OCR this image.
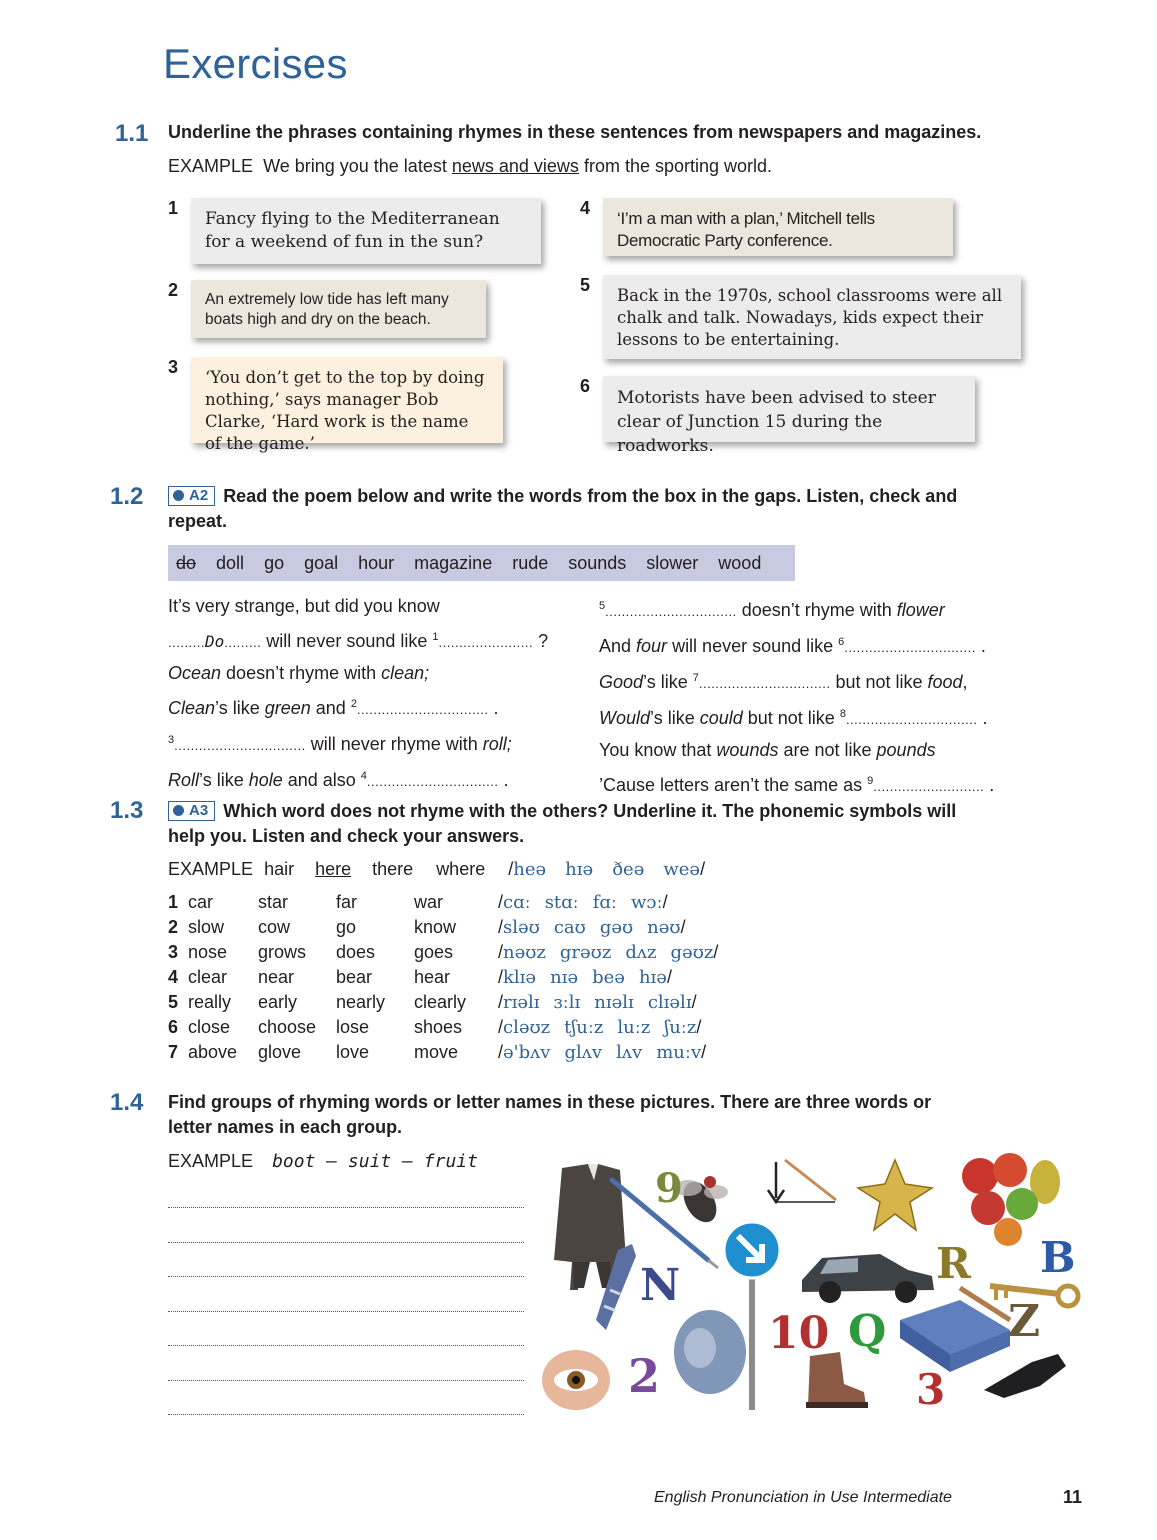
Exercises
1.1 Underline the phrases containing rhymes in these sentences from newspapers and magazines.
EXAMPLE We bring you the latest news and views from the sporting world.
1
Fancy flying to the Mediterranean for a weekend of fun in the sun?
2	An extremely low tide has left many boats high and dry on the beach.
3
‘You don’t get to the top by doing nothing,’ says manager Bob Clarke, ‘Hard work is the name of the game.’
4
‘I’m a man with a plan,’ Mitchell tells Democratic Party conference.
5
Back in the 1970s, school classrooms were all chalk and talk. Nowadays, kids expect their lessons to be entertaining.
6
Motorists have been advised to steer clear of Junction 15 during the roadworks.
1.2	A2 Read the poem below and write the words from the box in the gaps. Listen, check and repeat.
do doll go goal hour magazine rude sounds slower wood
It’s very strange, but did you know
.........Do......... will never sound like $^1$....................... ?
Ocean doesn’t rhyme with clean;
Clean’s like green and $^2$................................ .
$^3$................................ will never rhyme with roll;
Roll’s like hole and also $^4$................................ .
$^5$................................ doesn’t rhyme with flower
And four will never sound like $^6$................................ .
Good’s like $^7$................................ but not like food,
Would’s like could but not like $^8$................................ .
You know that wounds are not like pounds
’Cause letters aren’t the same as $^9$........................... .
1.3	A3 Which word does not rhyme with the others? Underline it. The phonemic symbols will help you. Listen and check your answers.
EXAMPLE hair here there where /heə hɪə ðeə weə/
1	car	star	far	war	/cɑː stɑː fɑː wɔː/
2	slow	cow	go	know	/sləʊ caʊ gəʊ nəʊ/
3	nose	grows	does	goes	/nəʊz grəʊz dʌz gəʊz/
4	clear	near	bear	hear	/klɪə nɪə beə hɪə/
5	really	early	nearly	clearly	/rɪəlɪ ɜːlɪ nɪəlɪ clɪəlɪ/
6	close	choose	lose	shoes	/cləʊz tʃuːz luːz ʃuːz/
7	above	glove	love	move	/ə'bʌv glʌv lʌv muːv/
1.4 Find groups of rhyming words or letter names in these pictures. There are three words or letter names in each group.
EXAMPLE boot – suit – fruit
9
N
2
10 Q
R B
Z
3
English Pronunciation in Use Intermediate	11
